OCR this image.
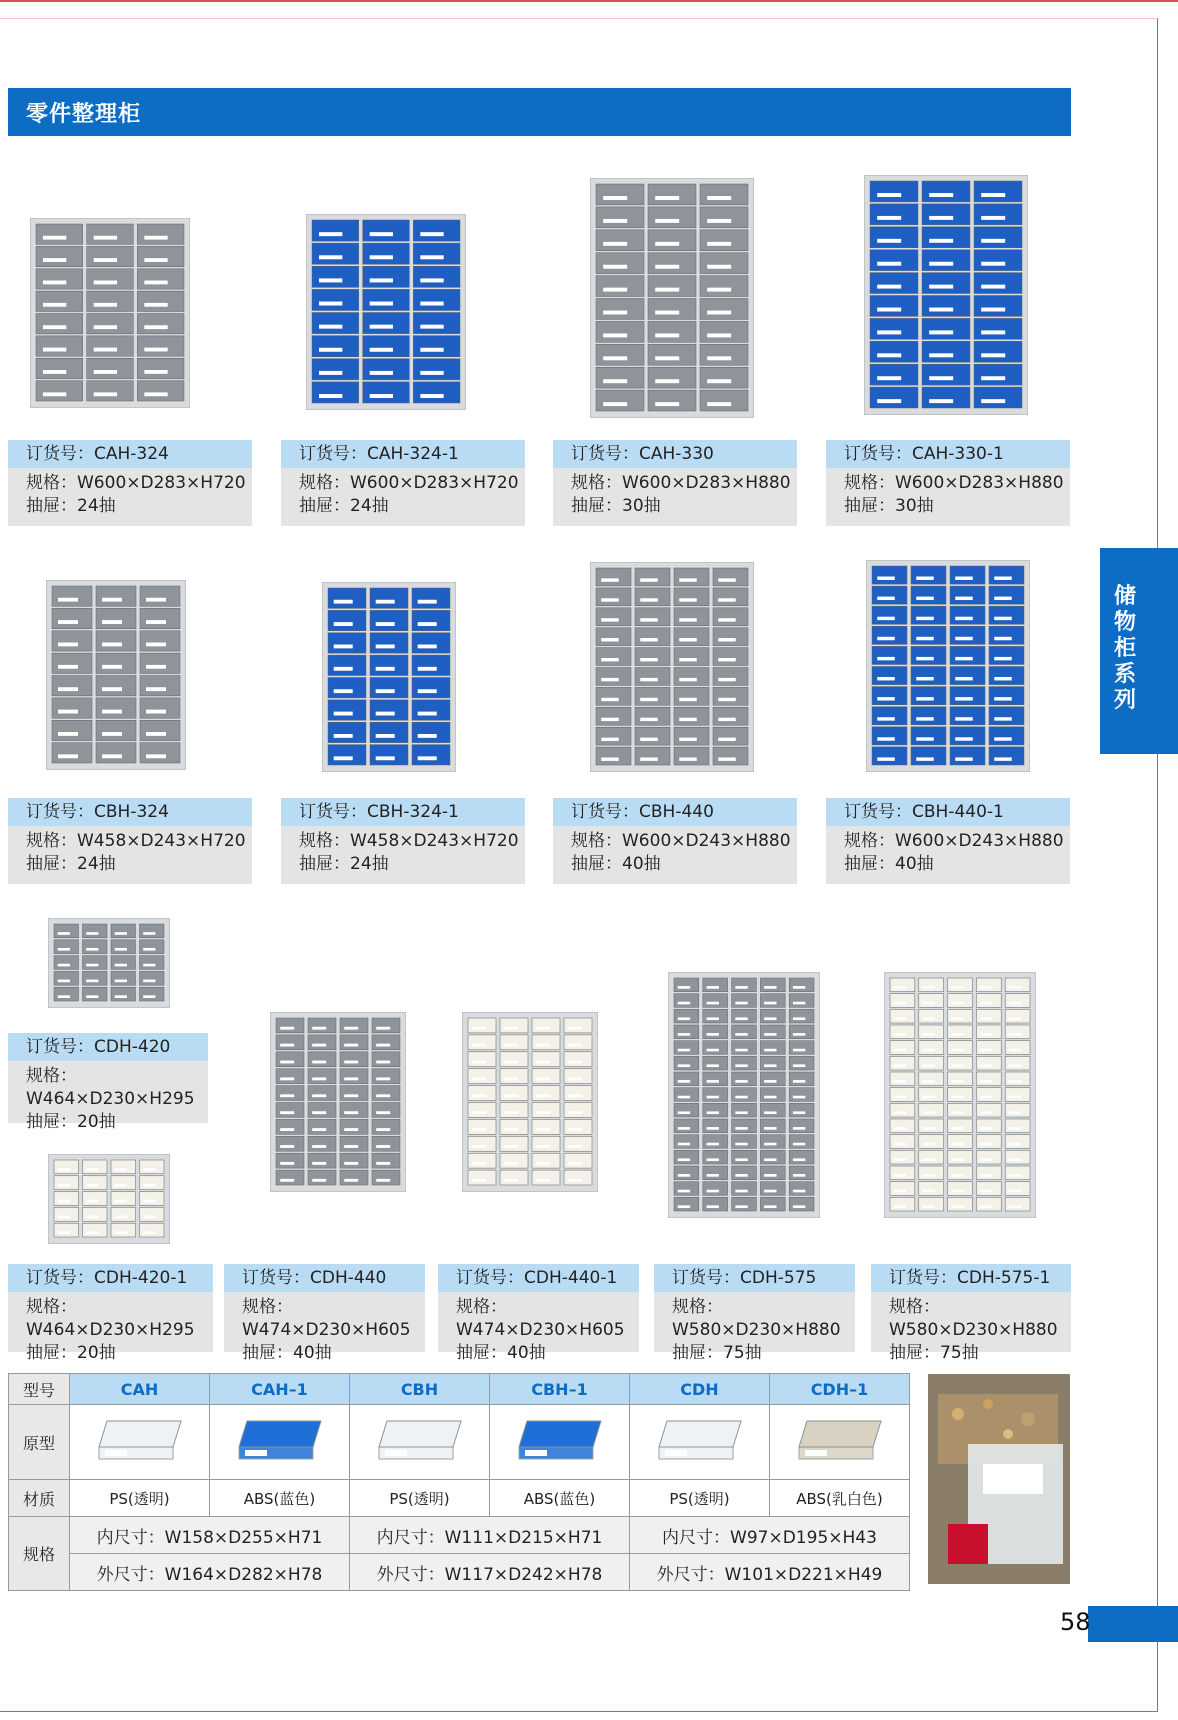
零件整理柜
储物柜系列
58
订货号：CAH-324
规格：W600×D283×H720
抽屉：24抽
订货号：CAH-324-1
规格：W600×D283×H720
抽屉：24抽
订货号：CAH-330
规格：W600×D283×H880
抽屉：30抽
订货号：CAH-330-1
规格：W600×D283×H880
抽屉：30抽
订货号：CBH-324
规格：W458×D243×H720
抽屉：24抽
订货号：CBH-324-1
规格：W458×D243×H720
抽屉：24抽
订货号：CBH-440
规格：W600×D243×H880
抽屉：40抽
订货号：CBH-440-1
规格：W600×D243×H880
抽屉：40抽
订货号：CDH-420
规格：W464×D230×H295
抽屉：20抽
订货号：CDH-420-1
规格：W464×D230×H295
抽屉：20抽
订货号：CDH-440
规格：W474×D230×H605
抽屉：40抽
订货号：CDH-440-1
规格：W474×D230×H605
抽屉：40抽
订货号：CDH-575
规格：W580×D230×H880
抽屉：75抽
订货号：CDH-575-1
规格：W580×D230×H880
抽屉：75抽
型号	CAH	CAH–1	CBH	CBH–1	CDH	CDH–1
原型						
材质	PS(透明)	ABS(蓝色)	PS(透明)	ABS(蓝色)	PS(透明)	ABS(乳白色)
规格	内尺寸：W158×D255×H71		内尺寸：W111×D215×H71		内尺寸：W97×D195×H43	
	外尺寸：W164×D282×H78		外尺寸：W117×D242×H78		外尺寸：W101×D221×H49	
